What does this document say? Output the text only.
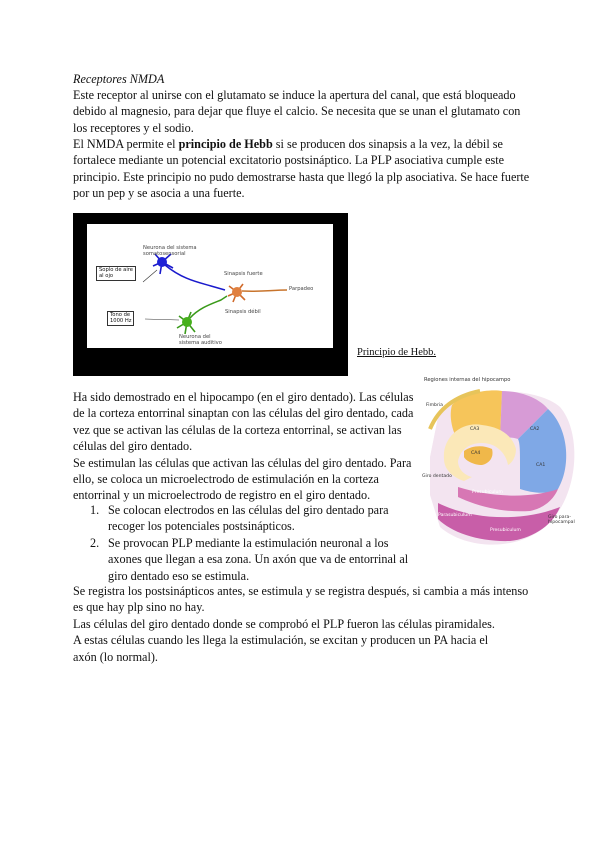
Receptores NMDA
Este receptor al unirse con el glutamato se induce la apertura del canal, que está bloqueado
debido al magnesio, para dejar que fluye el calcio. Se necesita que se unan el glutamato con
los receptores y el sodio.
El NMDA permite el principio de Hebb si se producen dos sinapsis a la vez, la débil se
fortalece mediante un potencial excitatorio postsináptico. La PLP asociativa cumple este
principio. Este principio no pudo demostrarse hasta que llegó la plp asociativa. Se hace fuerte
por un pep y se asocia a una fuerte.
Neurona del sistema
somatosensorial
Soplo de aire
al ojo
Tono de
1000 Hz
Sinapsis fuerte
Sinapsis débil
Parpadeo
Neurona del
sistema auditivo
Principio de Hebb.
Regiones internas del hipocampo
Fimbria
CA3	CA2
CA1
CA4
Giro dentado
Presubiculum
Presubiculum
Parasubiculum	Giro para-
hipocampal
Ha sido demostrado en el hipocampo (en el giro dentado). Las células
de la corteza entorrinal sinaptan con las células del giro dentado, cada
vez que se activan las células de la corteza entorrinal, se activan las
células del giro dentado.
Se estimulan las células que activan las células del giro dentado. Para
ello, se coloca un microelectrodo de estimulación en la corteza
entorrinal y un microelectrodo de registro en el giro dentado.
1. Se colocan electrodos en las células del giro dentado para
recoger los potenciales postsinápticos.
2. Se provocan PLP mediante la estimulación neuronal a los
axones que llegan a esa zona. Un axón que va de entorrinal al
giro dentado eso se estimula.
Se registra los postsinápticos antes, se estimula y se registra después, si cambia a más intenso
es que hay plp sino no hay.
Las células del giro dentado donde se comprobó el PLP fueron las células piramidales.
A estas células cuando les llega la estimulación, se excitan y producen un PA hacia el
axón (lo normal).
